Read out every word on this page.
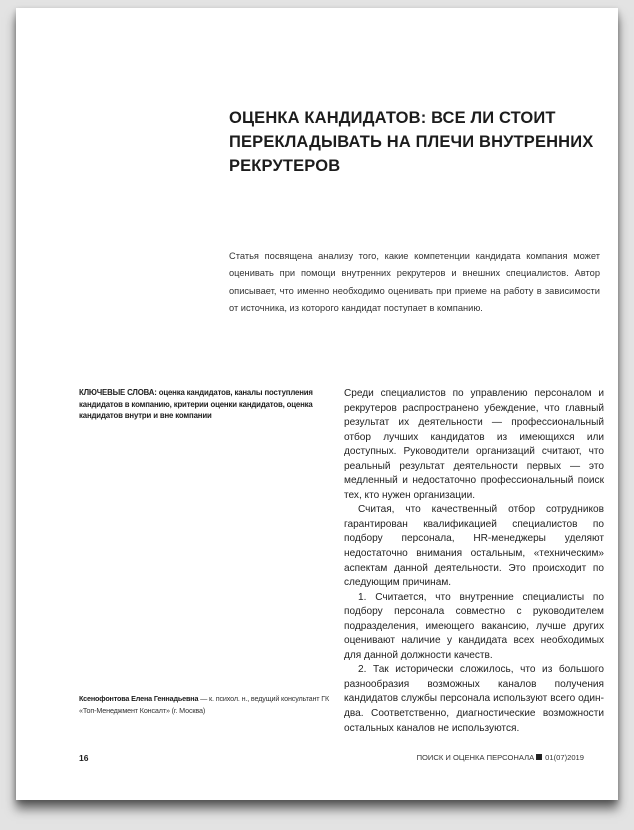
ОЦЕНКА КАНДИДАТОВ: ВСЕ ЛИ СТОИТ ПЕРЕКЛАДЫВАТЬ НА ПЛЕЧИ ВНУТРЕННИХ РЕКРУТЕРОВ

Статья посвящена анализу того, какие компетенции кандидата компания может оценивать при помощи внутренних рекрутеров и внешних специалистов. Автор описывает, что именно необходимо оценивать при приеме на работу в зависимости от источника, из которого кандидат поступает в компанию.

КЛЮЧЕВЫЕ СЛОВА: оценка кандидатов, каналы поступления кандидатов в компанию, критерии оценки кандидатов, оценка кандидатов внутри и вне компании

Ксенофонтова Елена Геннадьевна — к. психол. н., ведущий консультант ГК «Топ-Менеджмент Консалт» (г. Москва)

Среди специалистов по управлению персоналом и рекрутеров распространено убеждение, что главный результат их деятельности — профессиональный отбор лучших кандидатов из имеющихся или доступных. Руководители организаций считают, что реальный результат деятельности первых — это медленный и недостаточно профессиональный поиск тех, кто нужен организации.

Считая, что качественный отбор сотрудников гарантирован квалификацией специалистов по подбору персонала, HR-менеджеры уделяют недостаточно внимания остальным, «техническим» аспектам данной деятельности. Это происходит по следующим причинам.

1. Считается, что внутренние специалисты по подбору персонала совместно с руководителем подразделения, имеющего вакансию, лучше других оценивают наличие у кандидата всех необходимых для данной должности качеств.

2. Так исторически сложилось, что из большого разнообразия возможных каналов получения кандидатов службы персонала используют всего один-два. Соответственно, диагностические возможности остальных каналов не используются.

16	ПОИСК И ОЦЕНКА ПЕРСОНАЛА 01(07)2019
